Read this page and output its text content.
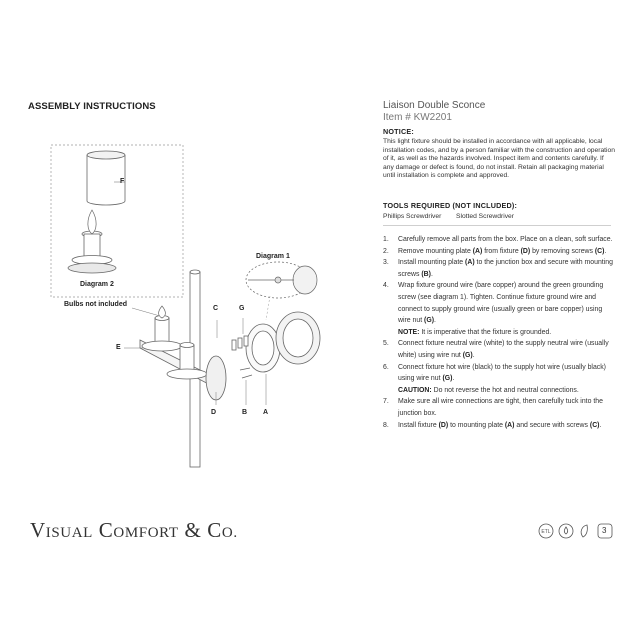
ASSEMBLY INSTRUCTIONS
F
Diagram 2
Diagram 1
Bulbs not included
C	G
E
D	B A
Liaison Double Sconce
Item # KW2201
NOTICE:
This light fixture should be installed in accordance with all applicable, local installation codes, and by a person familiar with the construction and operation of it, as well as the hazards involved. Inspect item and contents carefully. If any damage or defect is found, do not install. Retain all packaging material until installation is complete and approved.
TOOLS REQUIRED (NOT INCLUDED):
Phillips Screwdriver Slotted Screwdriver
1. Carefully remove all parts from the box. Place on a clean, soft surface.
2. Remove mounting plate (A) from fixture (D) by removing screws (C).
3. Install mounting plate (A) to the junction box and secure with mounting screws (B).
4. Wrap fixture ground wire (bare copper) around the green grounding screw (see diagram 1). Tighten. Continue fixture ground wire and connect to supply ground wire (usually green or bare copper) using wire nut (G).
NOTE: It is imperative that the fixture is grounded.
5. Connect fixture neutral wire (white) to the supply neutral wire (usually white) using wire nut (G).
6. Connect fixture hot wire (black) to the supply hot wire (usually black) using wire nut (G).
CAUTION: Do not reverse the hot and neutral connections.
7. Make sure all wire connections are tight, then carefully tuck into the junction box.
8. Install fixture (D) to mounting plate (A) and secure with screws (C).
VISUAL COMFORT & CO.	ETL	3
